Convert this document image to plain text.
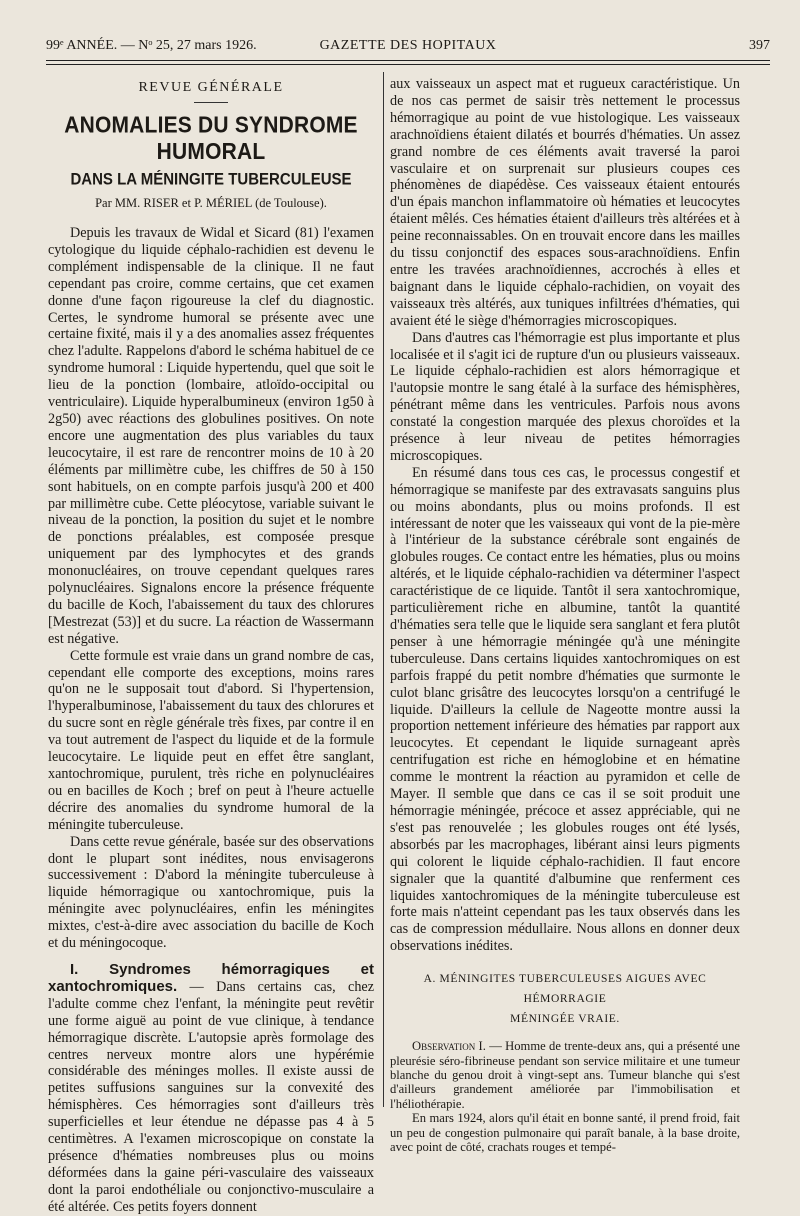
99ᵉ ANNÉE. — Nᵒ 25, 27 mars 1926.	GAZETTE DES HOPITAUX	397
REVUE GÉNÉRALE
ANOMALIES DU SYNDROME HUMORAL
DANS LA MÉNINGITE TUBERCULEUSE
Par MM. RISER et P. MÉRIEL (de Toulouse).

Depuis les travaux de Widal et Sicard (81) l'examen cytologique du liquide céphalo-rachidien est devenu le complément indispensable de la clinique. Il ne faut cependant pas croire, comme certains, que cet examen donne d'une façon rigoureuse la clef du diagnostic. Certes, le syndrome humoral se présente avec une certaine fixité, mais il y a des anomalies assez fréquentes chez l'adulte. Rappelons d'abord le schéma habituel de ce syndrome humoral : Liquide hypertendu, quel que soit le lieu de la ponction (lombaire, atloïdo-occipital ou ventriculaire). Liquide hyperalbumineux (environ 1g50 à 2g50) avec réactions des globulines positives. On note encore une augmentation des plus variables du taux leucocytaire, il est rare de rencontrer moins de 10 à 20 éléments par millimètre cube, les chiffres de 50 à 150 sont habituels, on en compte parfois jusqu'à 200 et 400 par millimètre cube. Cette pléocytose, variable suivant le niveau de la ponction, la position du sujet et le nombre de ponctions préalables, est composée presque uniquement par des lymphocytes et des grands mononucléaires, on trouve cependant quelques rares polynucléaires. Signalons encore la présence fréquente du bacille de Koch, l'abaissement du taux des chlorures [Mestrezat (53)] et du sucre. La réaction de Wassermann est négative.

Cette formule est vraie dans un grand nombre de cas, cependant elle comporte des exceptions, moins rares qu'on ne le supposait tout d'abord. Si l'hypertension, l'hyperalbuminose, l'abaissement du taux des chlorures et du sucre sont en règle générale très fixes, par contre il en va tout autrement de l'aspect du liquide et de la formule leucocytaire. Le liquide peut en effet être sanglant, xantochromique, purulent, très riche en polynucléaires ou en bacilles de Koch ; bref on peut à l'heure actuelle décrire des anomalies du syndrome humoral de la méningite tuberculeuse.

Dans cette revue générale, basée sur des observations dont le plupart sont inédites, nous envisagerons successivement : D'abord la méningite tuberculeuse à liquide hémorragique ou xantochromique, puis la méningite avec polynucléaires, enfin les méningites mixtes, c'est-à-dire avec association du bacille de Koch et du méningocoque.

I. Syndromes hémorragiques et xantochromiques. — Dans certains cas, chez l'adulte comme chez l'enfant, la méningite peut revêtir une forme aiguë au point de vue clinique, à tendance hémorragique discrète. L'autopsie après formolage des centres nerveux montre alors une hypérémie considérable des méninges molles. Il existe aussi de petites suffusions sanguines sur la convexité des hémisphères. Ces hémorragies sont d'ailleurs très superficielles et leur étendue ne dépasse pas 4 à 5 centimètres. A l'examen microscopique on constate la présence d'hématies nombreuses plus ou moins déformées dans la gaine péri-vasculaire des vaisseaux dont la paroi endothéliale ou conjonctivo-musculaire a été altérée. Ces petits foyers donnent

aux vaisseaux un aspect mat et rugueux caractéristique. Un de nos cas permet de saisir très nettement le processus hémorragique au point de vue histologique. Les vaisseaux arachnoïdiens étaient dilatés et bourrés d'hématies. Un assez grand nombre de ces éléments avait traversé la paroi vasculaire et on surprenait sur plusieurs coupes ces phénomènes de diapédèse. Ces vaisseaux étaient entourés d'un épais manchon inflammatoire où hématies et leucocytes étaient mêlés. Ces hématies étaient d'ailleurs très altérées et à peine reconnaissables. On en trouvait encore dans les mailles du tissu conjonctif des espaces sous-arachnoïdiens. Enfin entre les travées arachnoïdiennes, accrochés à elles et baignant dans le liquide céphalo-rachidien, on voyait des vaisseaux très altérés, aux tuniques infiltrées d'hématies, qui avaient été le siège d'hémorragies microscopiques.

Dans d'autres cas l'hémorragie est plus importante et plus localisée et il s'agit ici de rupture d'un ou plusieurs vaisseaux. Le liquide céphalo-rachidien est alors hémorragique et l'autopsie montre le sang étalé à la surface des hémisphères, pénétrant même dans les ventricules. Parfois nous avons constaté la congestion marquée des plexus choroïdes et la présence à leur niveau de petites hémorragies microscopiques.

En résumé dans tous ces cas, le processus congestif et hémorragique se manifeste par des extravasats sanguins plus ou moins abondants, plus ou moins profonds. Il est intéressant de noter que les vaisseaux qui vont de la pie-mère à l'intérieur de la substance cérébrale sont engainés de globules rouges. Ce contact entre les hématies, plus ou moins altérés, et le liquide céphalo-rachidien va déterminer l'aspect caractéristique de ce liquide. Tantôt il sera xantochromique, particulièrement riche en albumine, tantôt la quantité d'hématies sera telle que le liquide sera sanglant et fera plutôt penser à une hémorragie méningée qu'à une méningite tuberculeuse. Dans certains liquides xantochromiques on est parfois frappé du petit nombre d'hématies que surmonte le culot blanc grisâtre des leucocytes lorsqu'on a centrifugé le liquide. D'ailleurs la cellule de Nageotte montre aussi la proportion nettement inférieure des hématies par rapport aux leucocytes. Et cependant le liquide surnageant après centrifugation est riche en hémoglobine et en hématine comme le montrent la réaction au pyramidon et celle de Mayer. Il semble que dans ce cas il se soit produit une hémorragie méningée, précoce et assez appréciable, qui ne s'est pas renouvelée ; les globules rouges ont été lysés, absorbés par les macrophages, libérant ainsi leurs pigments qui colorent le liquide céphalo-rachidien. Il faut encore signaler que la quantité d'albumine que renferment ces liquides xantochromiques de la méningite tuberculeuse est forte mais n'atteint cependant pas les taux observés dans les cas de compression médullaire. Nous allons en donner deux observations inédites.

A. MÉNINGITES TUBERCULEUSES AIGUES AVEC HÉMORRAGIE
MÉNINGÉE VRAIE.

Observation I. — Homme de trente-deux ans, qui a présenté une pleurésie séro-fibrineuse pendant son service militaire et une tumeur blanche du genou droit à vingt-sept ans. Tumeur blanche qui s'est d'ailleurs grandement améliorée par l'immobilisation et l'héliothérapie.

En mars 1924, alors qu'il était en bonne santé, il prend froid, fait un peu de congestion pulmonaire qui paraît banale, à la base droite, avec point de côté, crachats rouges et tempé-
